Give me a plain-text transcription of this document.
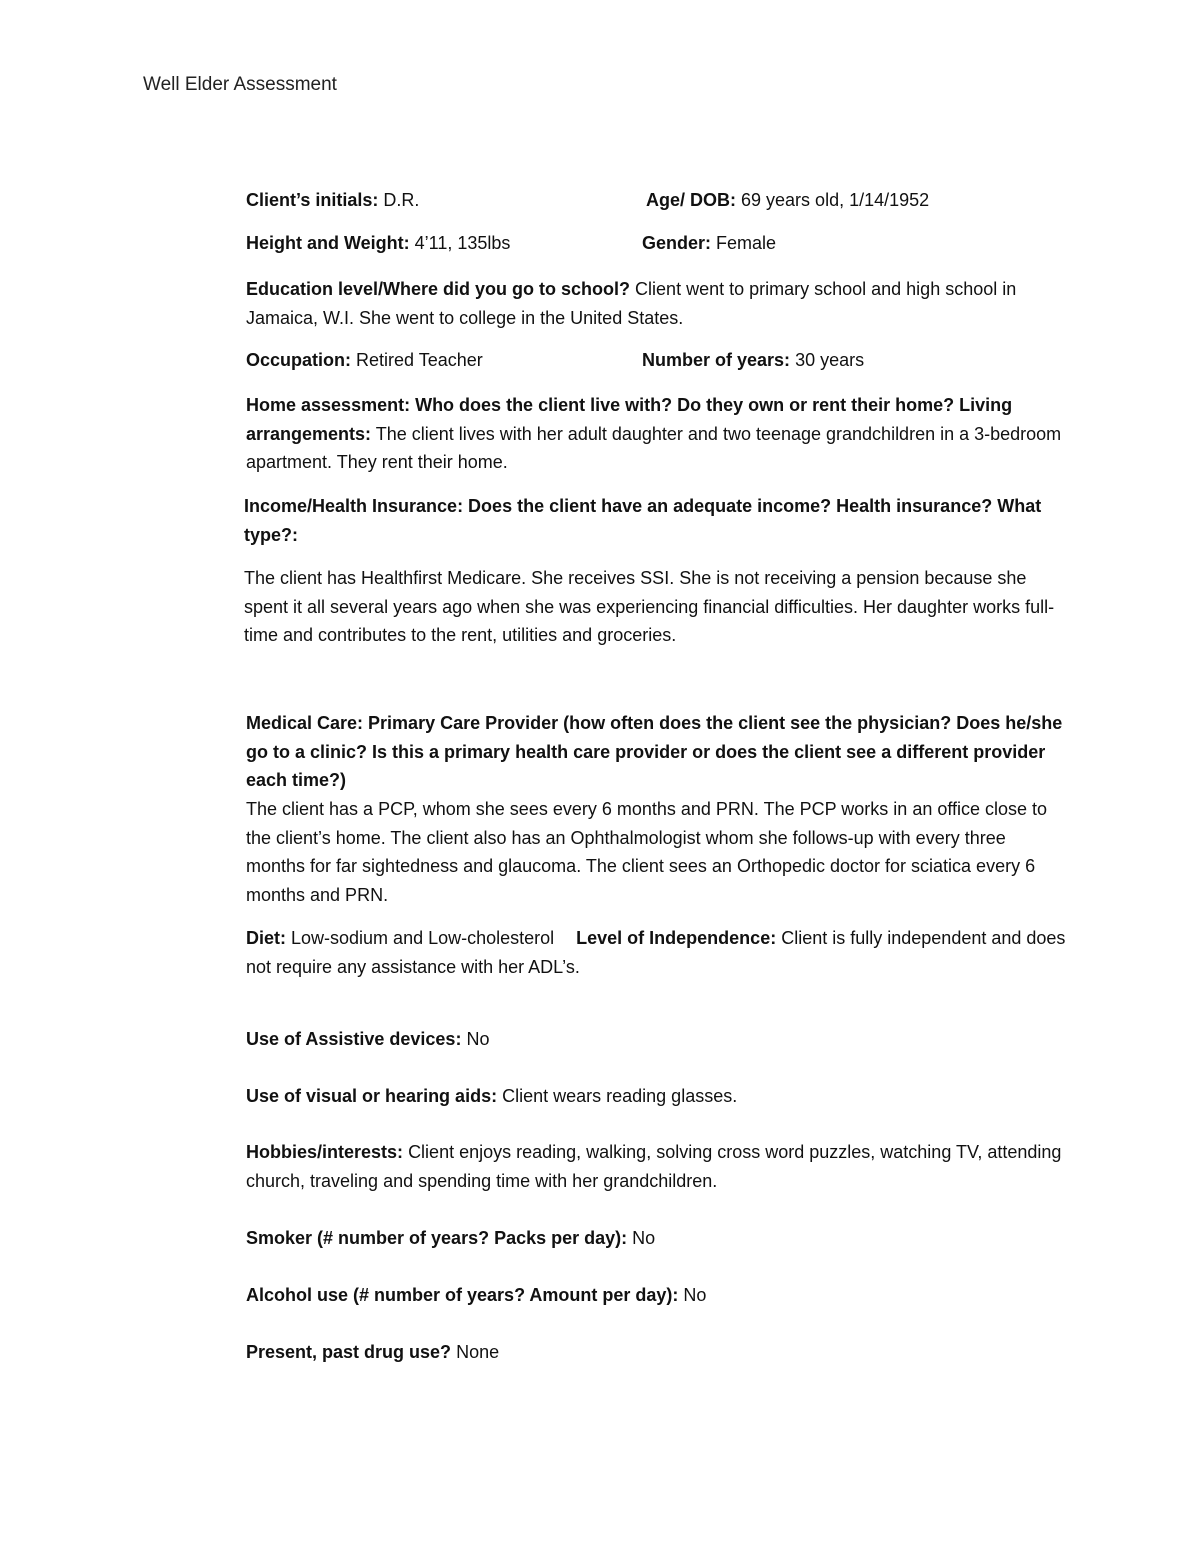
Well Elder Assessment
Client’s initials: D.R.	Age/ DOB: 69 years old, 1/14/1952
Height and Weight: 4’11, 135lbs	Gender: Female
Education level/Where did you go to school? Client went to primary school and high school in Jamaica, W.I. She went to college in the United States.
Occupation: Retired Teacher	Number of years: 30 years
Home assessment: Who does the client live with? Do they own or rent their home? Living arrangements: The client lives with her adult daughter and two teenage grandchildren in a 3-bedroom apartment. They rent their home.
Income/Health Insurance: Does the client have an adequate income? Health insurance? What type?:
The client has Healthfirst Medicare. She receives SSI. She is not receiving a pension because she spent it all several years ago when she was experiencing financial difficulties. Her daughter works full-time and contributes to the rent, utilities and groceries.
Medical Care: Primary Care Provider (how often does the client see the physician? Does he/she go to a clinic? Is this a primary health care provider or does the client see a different provider each time?)
The client has a PCP, whom she sees every 6 months and PRN. The PCP works in an office close to the client’s home. The client also has an Ophthalmologist whom she follows-up with every three months for far sightedness and glaucoma. The client sees an Orthopedic doctor for sciatica every 6 months and PRN.
Diet: Low-sodium and Low-cholesterol Level of Independence: Client is fully independent and does not require any assistance with her ADL’s.
Use of Assistive devices: No
Use of visual or hearing aids: Client wears reading glasses.
Hobbies/interests: Client enjoys reading, walking, solving cross word puzzles, watching TV, attending church, traveling and spending time with her grandchildren.
Smoker (# number of years? Packs per day): No
Alcohol use (# number of years? Amount per day): No
Present, past drug use? None
